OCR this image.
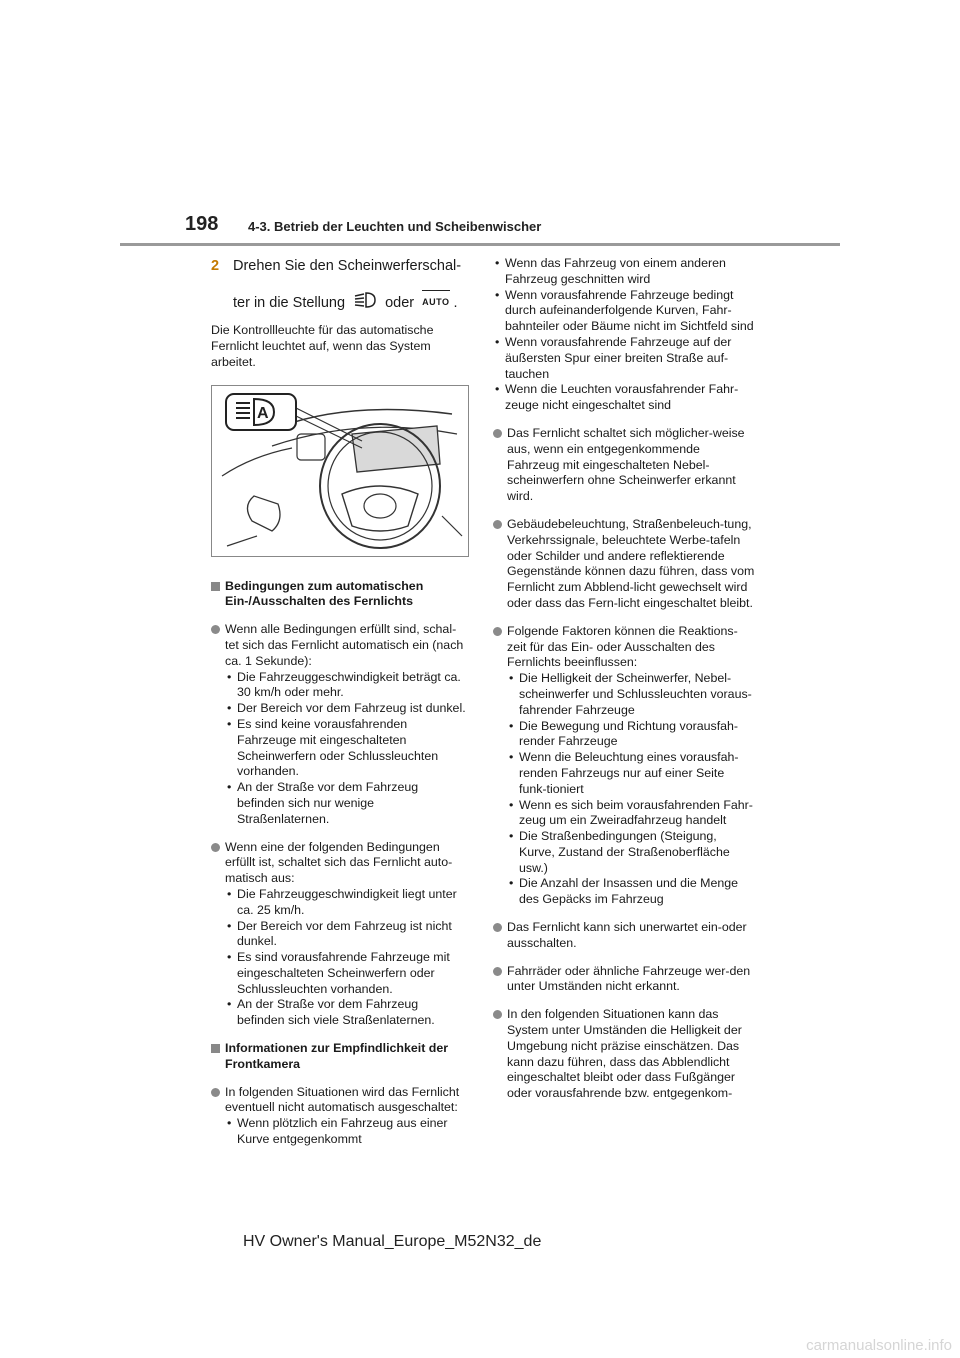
198 4-3. Betrieb der Leuchten und Scheibenwischer
2 Drehen Sie den Scheinwerferschal-
ter in die Stellung	oder AUTO .

Die Kontrollleuchte für das automatische Fernlicht leuchtet auf, wenn das System arbeitet.

A
Bedingungen zum automatischen Ein-/Ausschalten des Fernlichts
Wenn alle Bedingungen erfüllt sind, schal-tet sich das Fernlicht automatisch ein (nach ca. 1 Sekunde):
• Die Fahrzeuggeschwindigkeit beträgt ca. 30 km/h oder mehr.
• Der Bereich vor dem Fahrzeug ist dunkel.
• Es sind keine vorausfahrenden Fahrzeuge mit eingeschalteten Scheinwerfern oder Schlussleuchten vorhanden.
• An der Straße vor dem Fahrzeug befinden sich nur wenige Straßenlaternen.
Wenn eine der folgenden Bedingungen erfüllt ist, schaltet sich das Fernlicht auto-matisch aus:
• Die Fahrzeuggeschwindigkeit liegt unter ca. 25 km/h.
• Der Bereich vor dem Fahrzeug ist nicht dunkel.
• Es sind vorausfahrende Fahrzeuge mit eingeschalteten Scheinwerfern oder Schlussleuchten vorhanden.
• An der Straße vor dem Fahrzeug befinden sich viele Straßenlaternen.
Informationen zur Empfindlichkeit der Frontkamera
In folgenden Situationen wird das Fernlicht eventuell nicht automatisch ausgeschaltet:
• Wenn plötzlich ein Fahrzeug aus einer Kurve entgegenkommt
• Wenn das Fahrzeug von einem anderen Fahrzeug geschnitten wird
• Wenn vorausfahrende Fahrzeuge bedingt durch aufeinanderfolgende Kurven, Fahr-bahnteiler oder Bäume nicht im Sichtfeld sind
• Wenn vorausfahrende Fahrzeuge auf der äußersten Spur einer breiten Straße auf-tauchen
• Wenn die Leuchten vorausfahrender Fahr-zeuge nicht eingeschaltet sind
Das Fernlicht schaltet sich möglicher-weise aus, wenn ein entgegenkommende Fahrzeug mit eingeschalteten Nebel-scheinwerfern ohne Scheinwerfer erkannt wird.
Gebäudebeleuchtung, Straßenbeleuch-tung, Verkehrssignale, beleuchtete Werbe-tafeln oder Schilder und andere reflektierende Gegenstände können dazu führen, dass vom Fernlicht zum Abblend-licht gewechselt wird oder dass das Fern-licht eingeschaltet bleibt.
Folgende Faktoren können die Reaktions-zeit für das Ein- oder Ausschalten des Fernlichts beeinflussen:
• Die Helligkeit der Scheinwerfer, Nebel-scheinwerfer und Schlussleuchten voraus-fahrender Fahrzeuge
• Die Bewegung und Richtung vorausfah-render Fahrzeuge
• Wenn die Beleuchtung eines vorausfah-renden Fahrzeugs nur auf einer Seite funk-tioniert
• Wenn es sich beim vorausfahrenden Fahr-zeug um ein Zweiradfahrzeug handelt
• Die Straßenbedingungen (Steigung, Kurve, Zustand der Straßenoberfläche usw.)
• Die Anzahl der Insassen und die Menge des Gepäcks im Fahrzeug
Das Fernlicht kann sich unerwartet ein-oder ausschalten.
Fahrräder oder ähnliche Fahrzeuge wer-den unter Umständen nicht erkannt.
In den folgenden Situationen kann das System unter Umständen die Helligkeit der Umgebung nicht präzise einschätzen. Das kann dazu führen, dass das Abblendlicht eingeschaltet bleibt oder dass Fußgänger oder vorausfahrende bzw. entgegenkom-
HV Owner's Manual_Europe_M52N32_de
carmanualsonline.info
